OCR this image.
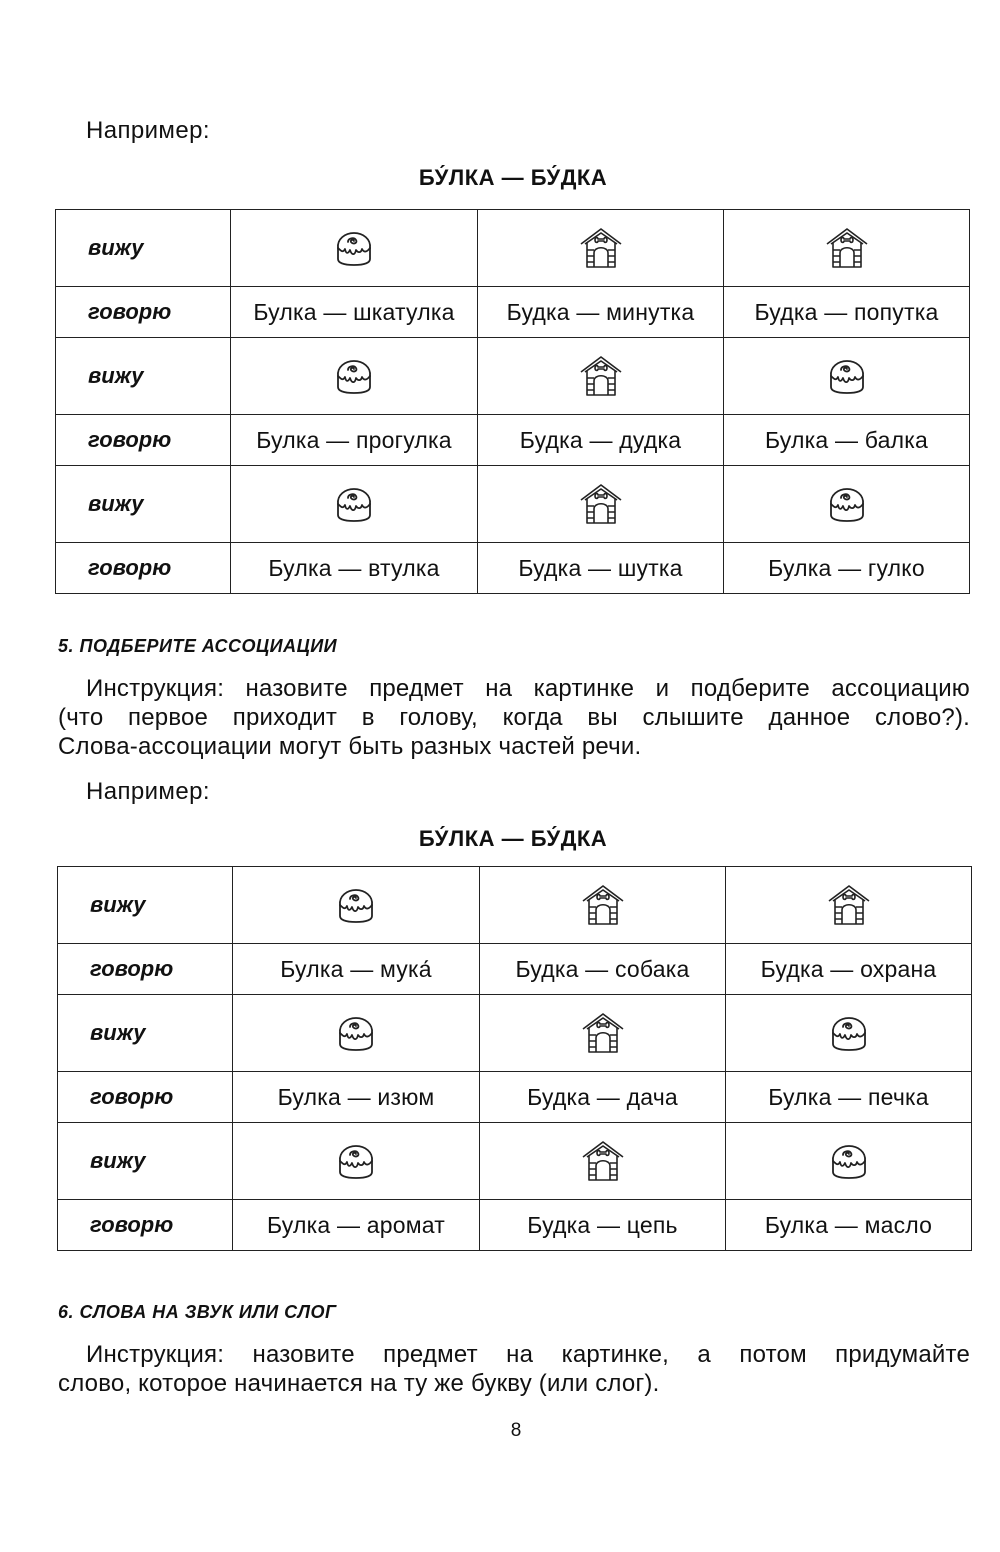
Например:
БУ́ЛКА — БУ́ДКА
вижу	

говорю	Булка — шкатулка	Будка — минутка	Будка — попутка
вижу	

говорю	Булка — прогулка	Будка — дудка	Булка — балка
вижу	

говорю	Булка — втулка	Будка — шутка	Булка — гулко
5. ПОДБЕРИТЕ АССОЦИАЦИИ
Инструкция: назовите предмет на картинке и подберите ассоциацию
(что первое приходит в голову, когда вы слышите данное слово?).
Слова-ассоциации могут быть разных частей речи.
Например:
БУ́ЛКА — БУ́ДКА
вижу	

говорю	Булка — мука́	Будка — собака	Будка — охрана
вижу	

говорю	Булка — изюм	Будка — дача	Булка — печка
вижу	

говорю	Булка — аромат	Будка — цепь	Булка — масло
6. СЛОВА НА ЗВУК ИЛИ СЛОГ
Инструкция: назовите предмет на картинке, а потом придумайте
слово, которое начинается на ту же букву (или слог).
8
